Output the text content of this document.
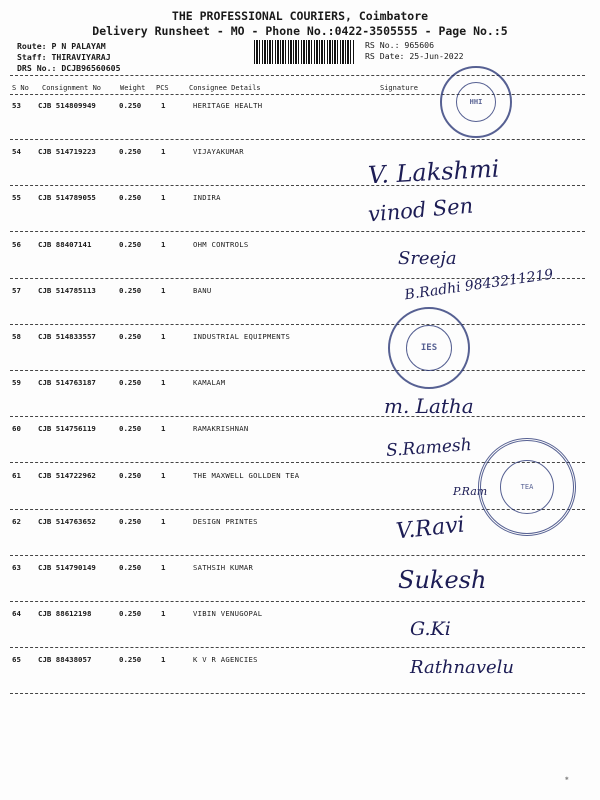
THE PROFESSIONAL COURIERS, Coimbatore
Delivery Runsheet - MO - Phone No.:0422-3505555 - Page No.:5
Route: P N PALAYAM
Staff: THIRAVIYARAJ
DRS No.: DCJB96560605
RS No.: 965606
RS Date: 25-Jun-2022
S No Consignment No	Weight PCS	Consignee Details	Signature
53 CJB 514809949	0.250	1	HERITAGE HEALTH
54 CJB 514719223	0.250	1	VIJAYAKUMAR
55 CJB 514789055	0.250	1	INDIRA
56 CJB 88407141	0.250	1	OHM CONTROLS
57 CJB 514785113	0.250	1	BANU
58 CJB 514833557	0.250	1	INDUSTRIAL EQUIPMENTS
59 CJB 514763187	0.250	1	KAMALAM
60 CJB 514756119	0.250	1	RAMAKRISHNAN
61 CJB 514722962	0.250	1	THE MAXWELL GOLLDEN TEA
62 CJB 514763652	0.250	1	DESIGN PRINTES
63 CJB 514790149	0.250	1	SATHSIH KUMAR
64 CJB 88612198	0.250	1	VIBIN VENUGOPAL
65 CJB 88438057	0.250	1	K V R AGENCIES
V. Lakshmi
vinod Sen
Sreeja
B.Radhi 9843211219
m. Latha
S.Ramesh
P.Ram
V.Ravi
Sukesh
G.Ki
Rathnavelu
HHI
IES
TEA
✱
